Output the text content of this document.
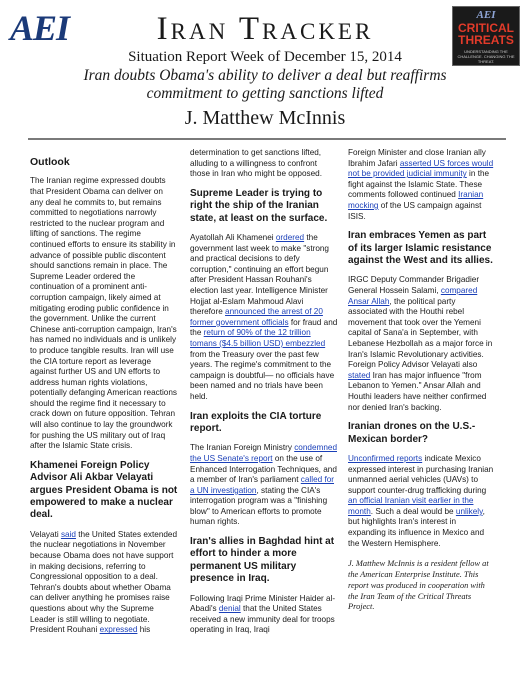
AEI	Iran Tracker	AEI
CRITICAL THREATS
UNDERSTANDING THE CHALLENGE. CHANGING THE THREAT.
Situation Report Week of December 15, 2014
Iran doubts Obama's ability to deliver a deal but reaffirms commitment to getting sanctions lifted
J. Matthew McInnis
Outlook

The Iranian regime expressed doubts that President Obama can deliver on any deal he commits to, but remains committed to negotiations narrowly restricted to the nuclear program and lifting of sanctions. The regime continued efforts to ensure its stability in advance of possible public discontent should sanctions remain in place. The Supreme Leader ordered the continuation of a prominent anti-corruption campaign, likely aimed at mitigating eroding public confidence in the government. Unlike the current Chinese anti-corruption campaign, Iran's has named no individuals and is unlikely to produce tangible results. Iran will use the CIA torture report as leverage against further US and UN efforts to address human rights violations, potentially defanging American reactions should the regime find it necessary to crack down on future opposition. Tehran will also continue to lay the groundwork for pushing the US military out of Iraq after the Islamic State crisis.

Khamenei Foreign Policy Advisor Ali Akbar Velayati argues President Obama is not empowered to make a nuclear deal.

Velayati said the United States extended the nuclear negotiations in November because Obama does not have support in making decisions, referring to Congressional opposition to a deal. Tehran's doubts about whether Obama can deliver anything he promises raise questions about why the Supreme Leader is still willing to negotiate. President Rouhani expressed his

determination to get sanctions lifted, alluding to a willingness to confront those in Iran who might be opposed.

Supreme Leader is trying to right the ship of the Iranian state, at least on the surface.

Ayatollah Ali Khamenei ordered the government last week to make "strong and practical decisions to defy corruption," continuing an effort begun after President Hassan Rouhani's election last year. Intelligence Minister Hojjat al-Eslam Mahmoud Alavi therefore announced the arrest of 20 former government officials for fraud and the return of 90% of the 12 trillion tomans ($4.5 billion USD) embezzled from the Treasury over the past few years. The regime's commitment to the campaign is doubtful— no officials have been named and no trials have been held.

Iran exploits the CIA torture report.

The Iranian Foreign Ministry condemned the US Senate's report on the use of Enhanced Interrogation Techniques, and a member of Iran's parliament called for a UN investigation, stating the CIA's interrogation program was a "finishing blow" to American efforts to promote human rights.

Iran's allies in Baghdad hint at effort to hinder a more permanent US military presence in Iraq.

Following Iraqi Prime Minister Haider al-Abadi's denial that the United States received a new immunity deal for troops operating in Iraq, Iraqi

Foreign Minister and close Iranian ally Ibrahim Jafari asserted US forces would not be provided judicial immunity in the fight against the Islamic State. These comments followed continued Iranian mocking of the US campaign against ISIS.

Iran embraces Yemen as part of its larger Islamic resistance against the West and its allies.

IRGC Deputy Commander Brigadier General Hossein Salami, compared Ansar Allah, the political party associated with the Houthi rebel movement that took over the Yemeni capital of Sana'a in September, with Lebanese Hezbollah as a major force in Iran's Islamic Revolutionary activities. Foreign Policy Advisor Velayati also stated Iran has major influence "from Lebanon to Yemen." Ansar Allah and Houthi leaders have neither confirmed nor denied Iran's backing.

Iranian drones on the U.S.-Mexican border?

Unconfirmed reports indicate Mexico expressed interest in purchasing Iranian unmanned aerial vehicles (UAVs) to support counter-drug trafficking during an official Iranian visit earlier in the month. Such a deal would be unlikely, but highlights Iran's interest in expanding its influence in Mexico and the Western Hemisphere.

J. Matthew McInnis is a resident fellow at the American Enterprise Institute. This report was produced in cooperation with the Iran Team of the Critical Threats Project.
